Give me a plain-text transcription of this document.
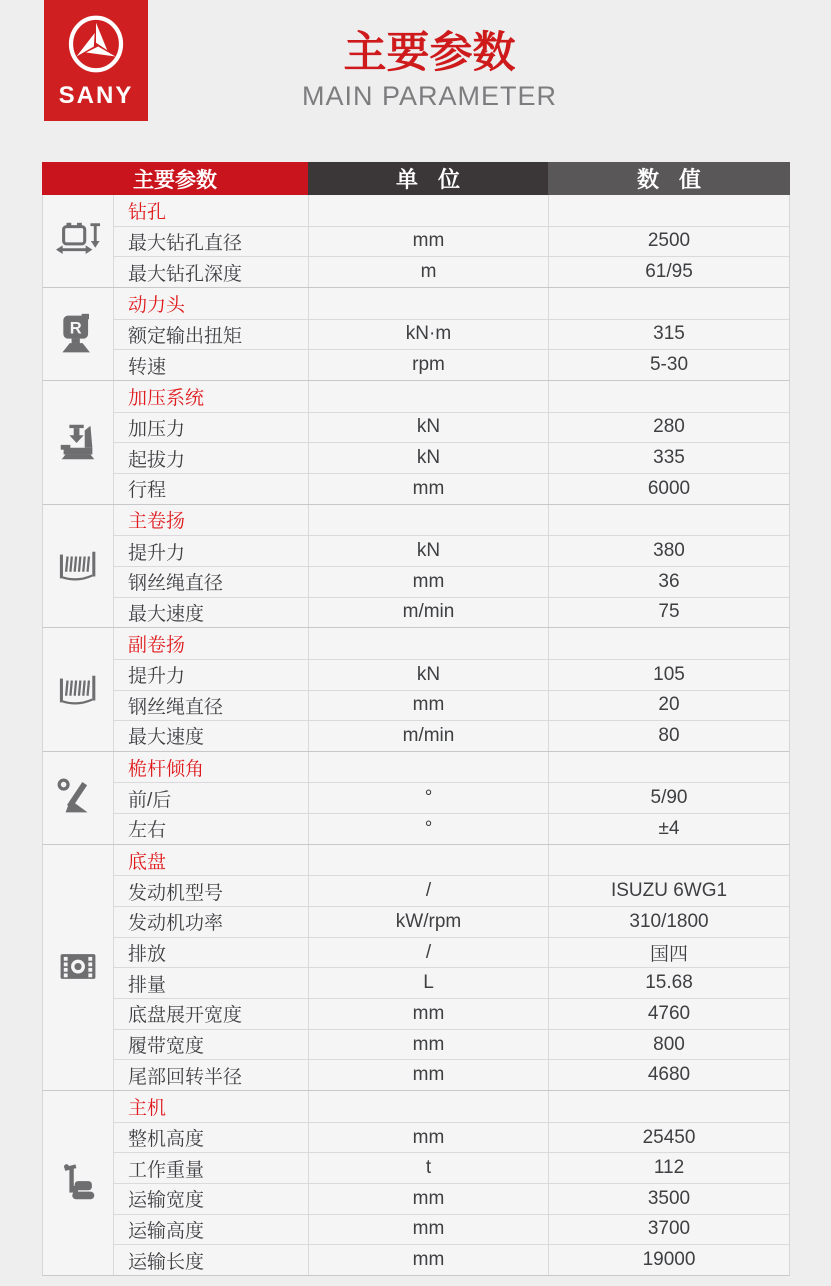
SANY
主要参数

MAIN PARAMETER

主要参数	单 位	数 值
钻孔
最大钻孔直径	mm	2500
最大钻孔深度	m	61/95
R
动力头
额定输出扭矩	kN·m	315
转速	rpm	5-30
加压系统
加压力	kN	280
起拔力	kN	335
行程	mm	6000
主卷扬
提升力	kN	380
钢丝绳直径	mm	36
最大速度	m/min	75
副卷扬
提升力	kN	105
钢丝绳直径	mm	20
最大速度	m/min	80
桅杆倾角
前/后	°	5/90
左右	°	±4
底盘
发动机型号	/	ISUZU 6WG1
发动机功率	kW/rpm	310/1800
排放	/	国四
排量	L	15.68
底盘展开宽度	mm	4760
履带宽度	mm	800
尾部回转半径	mm	4680
主机
整机高度	mm	25450
工作重量	t	112
运输宽度	mm	3500
运输高度	mm	3700
运输长度	mm	19000
